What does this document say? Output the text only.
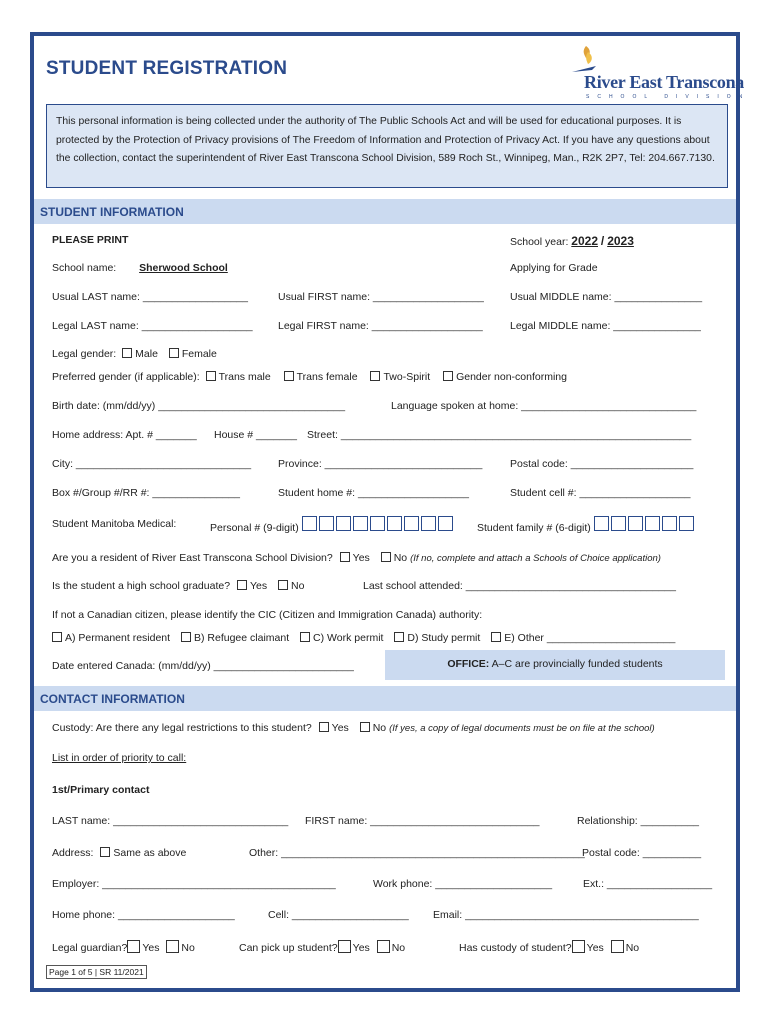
STUDENT REGISTRATION
River East Transcona
SCHOOL DIVISION
This personal information is being collected under the authority of The Public Schools Act and will be used for educational purposes. It is protected by the Protection of Privacy provisions of The Freedom of Information and Protection of Privacy Act. If you have any questions about the collection, contact the superintendent of River East Transcona School Division, 589 Roch St., Winnipeg, Man., R2K 2P7, Tel: 204.667.7130.
STUDENT INFORMATION
PLEASE PRINT	School year: 2022 / 2023
School name: Sherwood School	Applying for Grade
Usual LAST name: __________________	Usual FIRST name: ___________________ Usual MIDDLE name: _______________
Legal LAST name: ___________________ Legal FIRST name: ___________________	Legal MIDDLE name: _______________
Legal gender: Male Female
Preferred gender (if applicable): Trans male Trans female Two-Spirit Gender non-conforming
Birth date: (mm/dd/yy) ________________________________	Language spoken at home: ______________________________
Home address: Apt. # _______ House # _______ Street: ____________________________________________________________
City: ______________________________	Province: ___________________________	Postal code: _____________________
Box #/Group #/RR #: _______________	Student home #: ___________________	Student cell #: ___________________
Student Manitoba Medical:	Personal # (9-digit)	Student family # (6-digit)
Are you a resident of River East Transcona School Division? Yes No (If no, complete and attach a Schools of Choice application)
Is the student a high school graduate? Yes No	Last school attended: ____________________________________
If not a Canadian citizen, please identify the CIC (Citizen and Immigration Canada) authority:
A) Permanent resident B) Refugee claimant C) Work permit D) Study permit E) Other ______________________
Date entered Canada: (mm/dd/yy) ________________________	OFFICE: A–C are provincially funded students
CONTACT INFORMATION
Custody: Are there any legal restrictions to this student? Yes No (If yes, a copy of legal documents must be on file at the school)
List in order of priority to call:
1st/Primary contact
LAST name: ______________________________ FIRST name: _____________________________	Relationship: __________
Address: Same as above	Other: ____________________________________________________
Postal code: __________
Employer: ________________________________________	Work phone: ____________________	Ext.: __________________
Home phone: ____________________	Cell: ____________________ Email: ________________________________________
Legal guardian? Yes No	Can pick up student? Yes No	Has custody of student? Yes No
Page 1 of 5 | SR 11/2021
